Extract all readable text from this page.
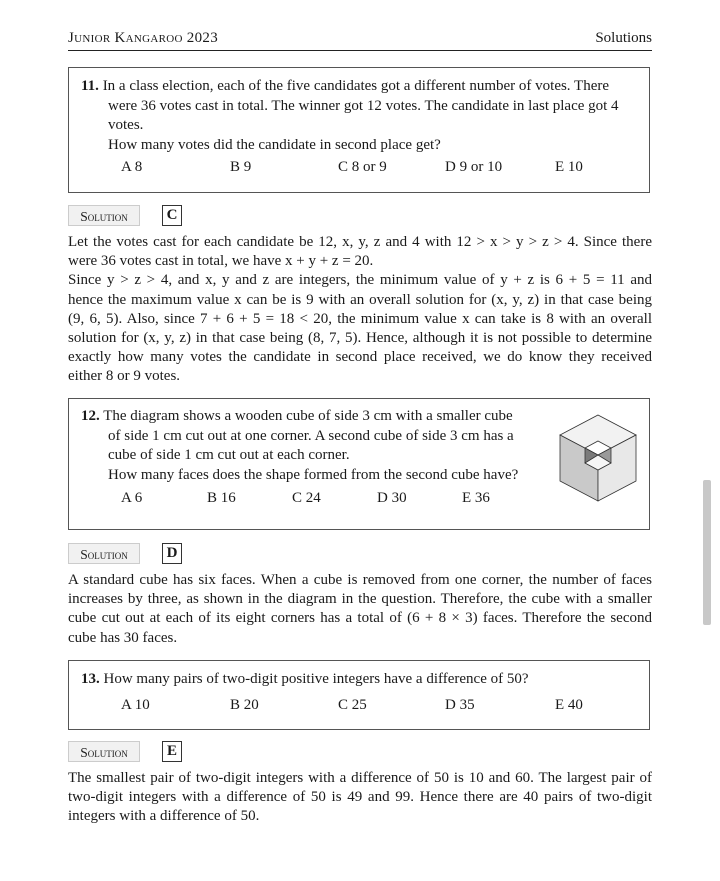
Junior Kangaroo 2023	Solutions
11. In a class election, each of the five candidates got a different number of votes. There
were 36 votes cast in total. The winner got 12 votes. The candidate in last place got 4
votes.
How many votes did the candidate in second place get?
A 8	B 9	C 8 or 9	D 9 or 10	E 10
Solution	C
Let the votes cast for each candidate be 12, x, y, z and 4 with 12 > x > y > z > 4. Since there
were 36 votes cast in total, we have x + y + z = 20.
Since y > z > 4, and x, y and z are integers, the minimum value of y + z is 6 + 5 = 11 and
hence the maximum value x can be is 9 with an overall solution for (x, y, z) in that case being
(9, 6, 5). Also, since 7 + 6 + 5 = 18 < 20, the minimum value x can take is 8 with an overall
solution for (x, y, z) in that case being (8, 7, 5). Hence, although it is not possible to determine
exactly how many votes the candidate in second place received, we do know they received
either 8 or 9 votes.
12. The diagram shows a wooden cube of side 3 cm with a smaller cube
of side 1 cm cut out at one corner. A second cube of side 3 cm has a
cube of side 1 cm cut out at each corner.
How many faces does the shape formed from the second cube have?
A 6	B 16	C 24	D 30	E 36
Solution	D
A standard cube has six faces. When a cube is removed from one corner, the number of faces
increases by three, as shown in the diagram in the question. Therefore, the cube with a smaller
cube cut out at each of its eight corners has a total of (6 + 8 × 3) faces. Therefore the second
cube has 30 faces.
13. How many pairs of two-digit positive integers have a difference of 50?
A 10	B 20	C 25	D 35	E 40
Solution	E
The smallest pair of two-digit integers with a difference of 50 is 10 and 60. The largest pair of
two-digit integers with a difference of 50 is 49 and 99. Hence there are 40 pairs of two-digit
integers with a difference of 50.
